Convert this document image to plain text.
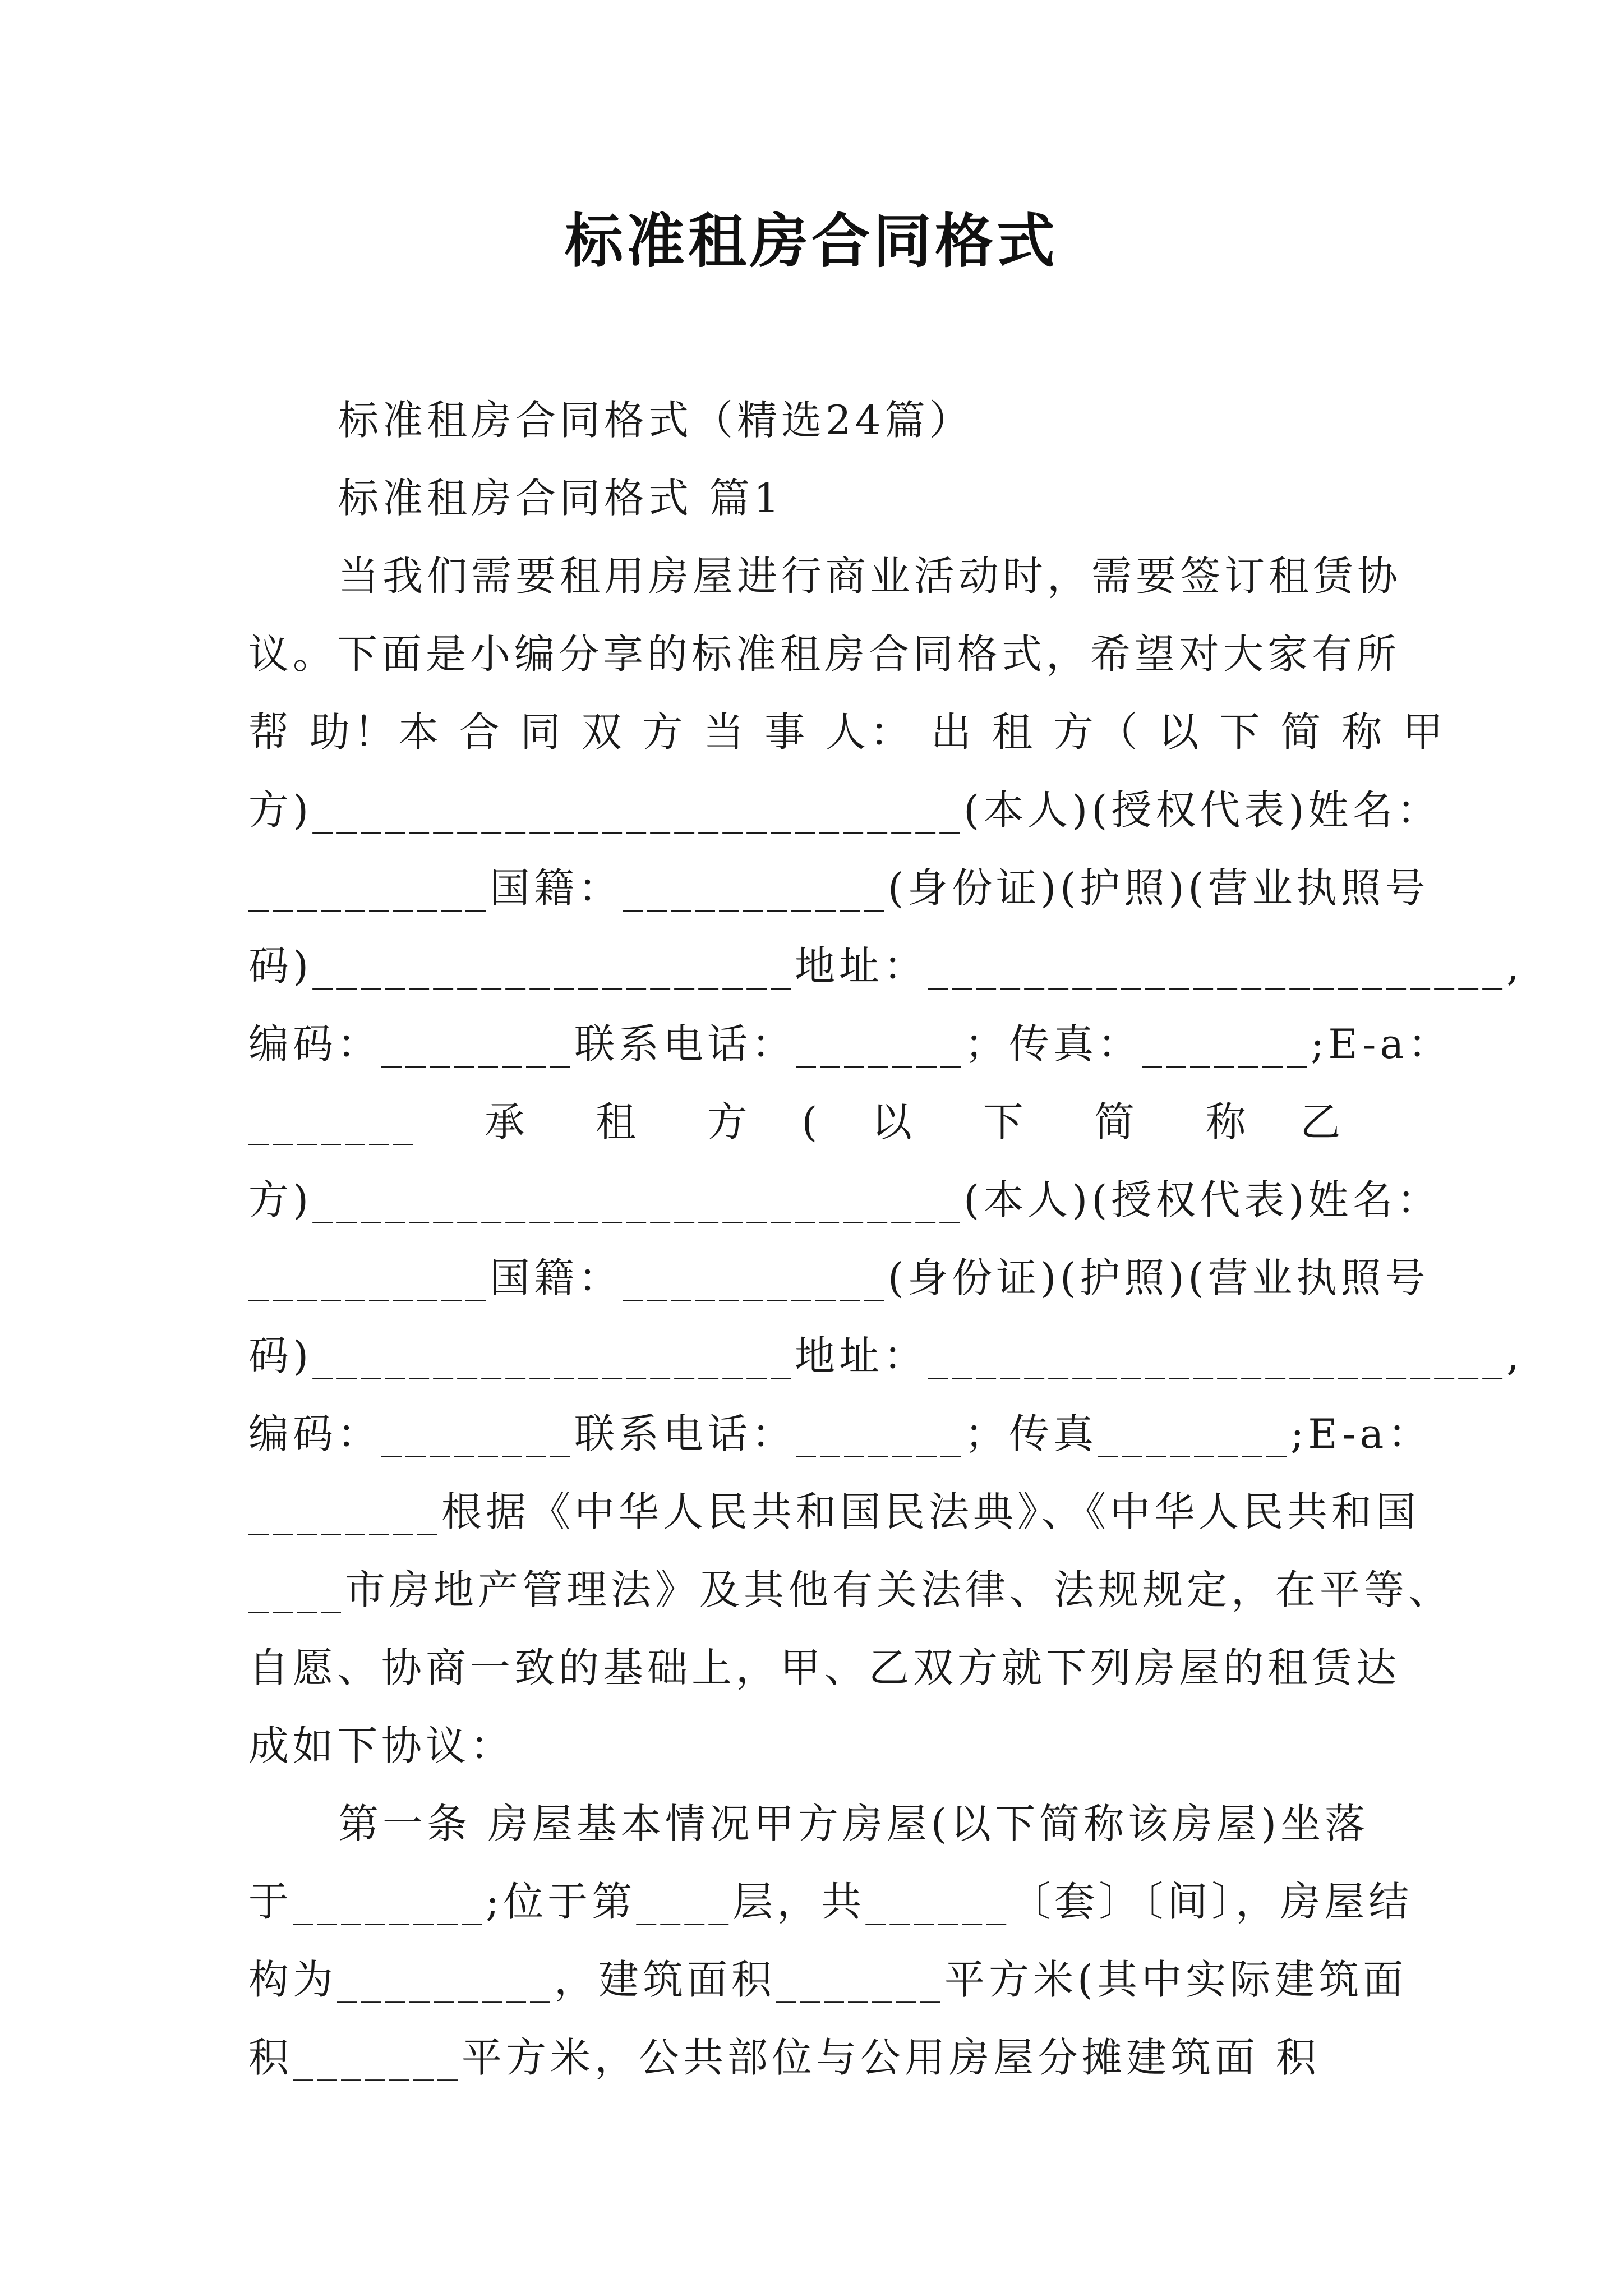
标准租房合同格式
标准租房合同格式（精选24篇）
标准租房合同格式 篇1
当我们需要租用房屋进行商业活动时，需要签订租赁协
议。下面是小编分享的标准租房合同格式，希望对大家有所
帮 助！本 合 同 双 方 当 事 人： 出 租 方（ 以 下 简 称 甲
方)___________________________(本人)(授权代表)姓名：
__________国籍：___________(身份证)(护照)(营业执照号
码)____________________地址：________________________,
编码：________联系电话：_______；传真：_______;E-a：
_______    承    租    方   (   以    下    简    称   乙
方)___________________________(本人)(授权代表)姓名：
__________国籍：___________(身份证)(护照)(营业执照号
码)____________________地址：________________________,
编码：________联系电话：_______；传真________;E-a：
________根据《中华人民共和国民法典》、《中华人民共和国
____市房地产管理法》及其他有关法律、法规规定，在平等、
自愿、协商一致的基础上，甲、乙双方就下列房屋的租赁达
成如下协议：
第一条 房屋基本情况甲方房屋(以下简称该房屋)坐落
于________;位于第____层，共______〔套〕〔间〕，房屋结
构为_________，建筑面积_______平方米(其中实际建筑面
积_______平方米，公共部位与公用房屋分摊建筑面 积
